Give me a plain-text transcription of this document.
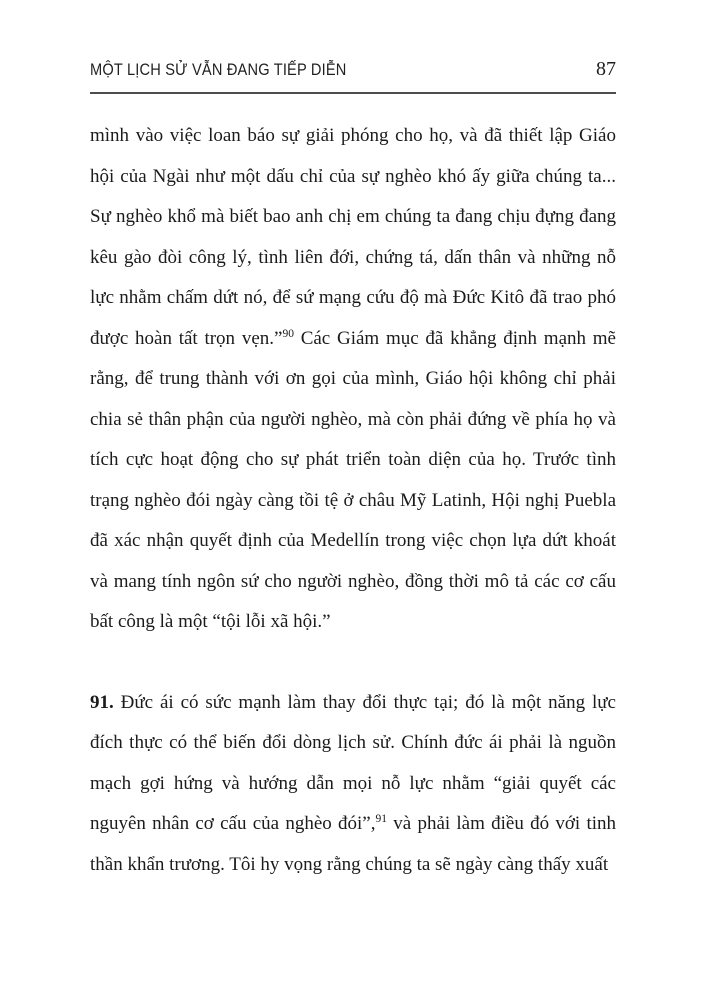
MỘT LỊCH SỬ VẪN ĐANG TIẾP DIỄN	87

mình vào việc loan báo sự giải phóng cho họ, và đã thiết lập Giáo hội của Ngài như một dấu chỉ của sự nghèo khó ấy giữa chúng ta... Sự nghèo khổ mà biết bao anh chị em chúng ta đang chịu đựng đang kêu gào đòi công lý, tình liên đới, chứng tá, dấn thân và những nỗ lực nhằm chấm dứt nó, để sứ mạng cứu độ mà Đức Kitô đã trao phó được hoàn tất trọn vẹn.”$^{90}$ Các Giám mục đã khẳng định mạnh mẽ rằng, để trung thành với ơn gọi của mình, Giáo hội không chỉ phải chia sẻ thân phận của người nghèo, mà còn phải đứng về phía họ và tích cực hoạt động cho sự phát triển toàn diện của họ. Trước tình trạng nghèo đói ngày càng tồi tệ ở châu Mỹ Latinh, Hội nghị Puebla đã xác nhận quyết định của Medellín trong việc chọn lựa dứt khoát và mang tính ngôn sứ cho người nghèo, đồng thời mô tả các cơ cấu bất công là một “tội lỗi xã hội.”

91. Đức ái có sức mạnh làm thay đổi thực tại; đó là một năng lực đích thực có thể biến đổi dòng lịch sử. Chính đức ái phải là nguồn mạch gợi hứng và hướng dẫn mọi nỗ lực nhằm “giải quyết các nguyên nhân cơ cấu của nghèo đói”,$^{91}$ và phải làm điều đó với tinh thần khẩn trương. Tôi hy vọng rằng chúng ta sẽ ngày càng thấy xuất
